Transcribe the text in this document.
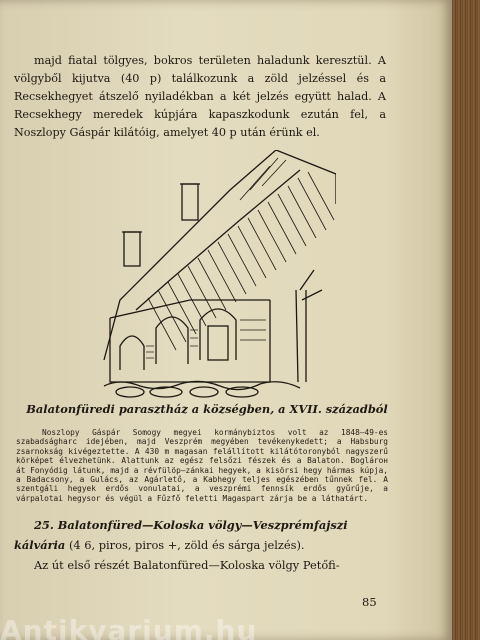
majd fiatal tölgyes, bokros területen haladunk keresztül. A völgyből kijutva (40 p) találkozunk a zöld jelzéssel és a Recsekhegyet átszelő nyiladékban a két jelzés együtt halad. A Recsekhegy meredek kúpjára kapaszkodunk ezután fel, a Noszlopy Gáspár kilátóig, amelyet 40 p után érünk el.

Balatonfüredi parasztház a községben, a XVII. századból

Noszlopy Gáspár Somogy megyei kormánybiztos volt az 1848—49-es szabadságharc idejében, majd Veszprém megyében tevékenykedett; a Habsburg zsarnokság kivégeztette. A 430 m magasan felállított kilátótoronyból nagyszerű körképet élvezhetünk. Alattunk az egész felsőzi fészek és a Balaton. Boglárон át Fonyódig látunk, majd a révfülöp—zánkai hegyek, a kisörsi hegy hármas kúpja, a Badacsony, a Gulács, az Agárlető, a Kabhegy teljes egészében tűnnek fel. A szentgáli hegyek erdős vonulatai, a veszprémi fennsík erdős gyűrűje, a várpalotai hegysor és végül a Fűzfő feletti Magaspart zárja be a láthatárt.

25. Balatonfüred—Koloska völgy—Veszprémfajszi kálvária (4 6, piros, piros +, zöld és sárga jelzés).

Az út első részét Balatonfüred—Koloska völgy Petőfi-

85
Antikvarium.hu
